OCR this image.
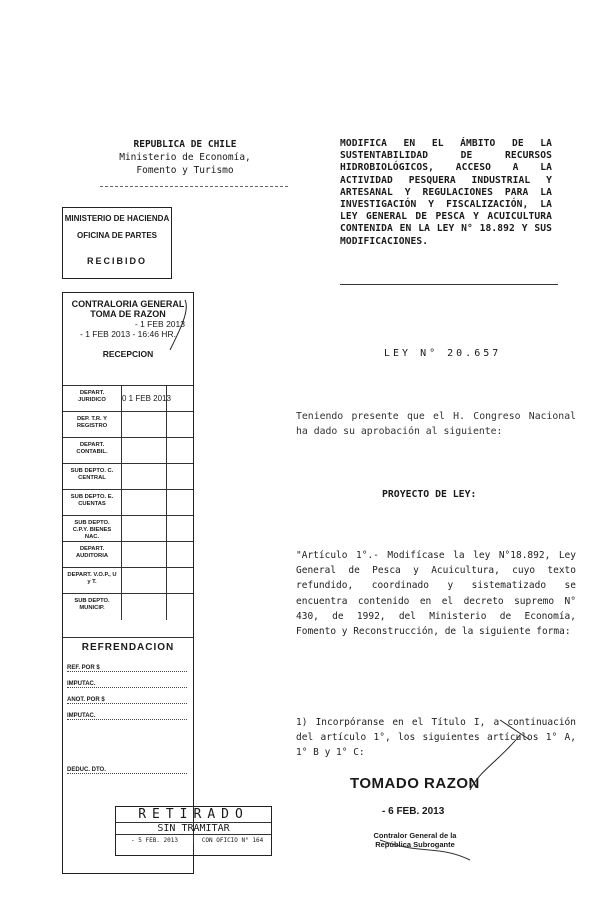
REPUBLICA DE CHILE
Ministerio de Economía,
Fomento y Turismo
MODIFICA EN EL ÁMBITO DE LA SUSTENTABILIDAD DE RECURSOS HIDROBIOLÓGICOS, ACCESO A LA ACTIVIDAD PESQUERA INDUSTRIAL Y ARTESANAL Y REGULACIONES PARA LA INVESTIGACIÓN Y FISCALIZACIÓN, LA LEY GENERAL DE PESCA Y ACUICULTURA CONTENIDA EN LA LEY N° 18.892 Y SUS MODIFICACIONES.
LEY N° 20.657
Teniendo presente que el H. Congreso Nacional ha dado su aprobación al siguiente:
PROYECTO DE LEY:
"Artículo 1°.- Modifícase la ley N°18.892, Ley General de Pesca y Acuicultura, cuyo texto refundido, coordinado y sistematizado se encuentra contenido en el decreto supremo N° 430, de 1992, del Ministerio de Economía, Fomento y Reconstrucción, de la siguiente forma:
1) Incorpóranse en el Título I, a continuación del artículo 1°, los siguientes artículos 1° A, 1° B y 1° C:
MINISTERIO DE HACIENDA
OFICINA DE PARTES
RECIBIDO
CONTRALORIA GENERAL
TOMA DE RAZON
- 1 FEB 2013
- 1 FEB 2013 - 16:46 HR.
RECEPCION
DEPART. JURIDICO	0 1 FEB 2013
DEP. T.R. Y REGISTRO
DEPART. CONTABIL.
SUB DEPTO. C. CENTRAL
SUB DEPTO. E. CUENTAS
SUB DEPTO. C.P.Y. BIENES NAC.
DEPART. AUDITORIA
DEPART. V.O.P., U y T.
SUB DEPTO. MUNICIP.
REFRENDACION
REF. POR $
IMPUTAC.
ANOT. POR $
IMPUTAC.
DEDUC. DTO.
RETIRADO
SIN TRAMITAR
- 5 FEB. 2013	CON OFICIO N° 164
TOMADO RAZON
- 6 FEB. 2013
Contralor General de la República Subrogante
